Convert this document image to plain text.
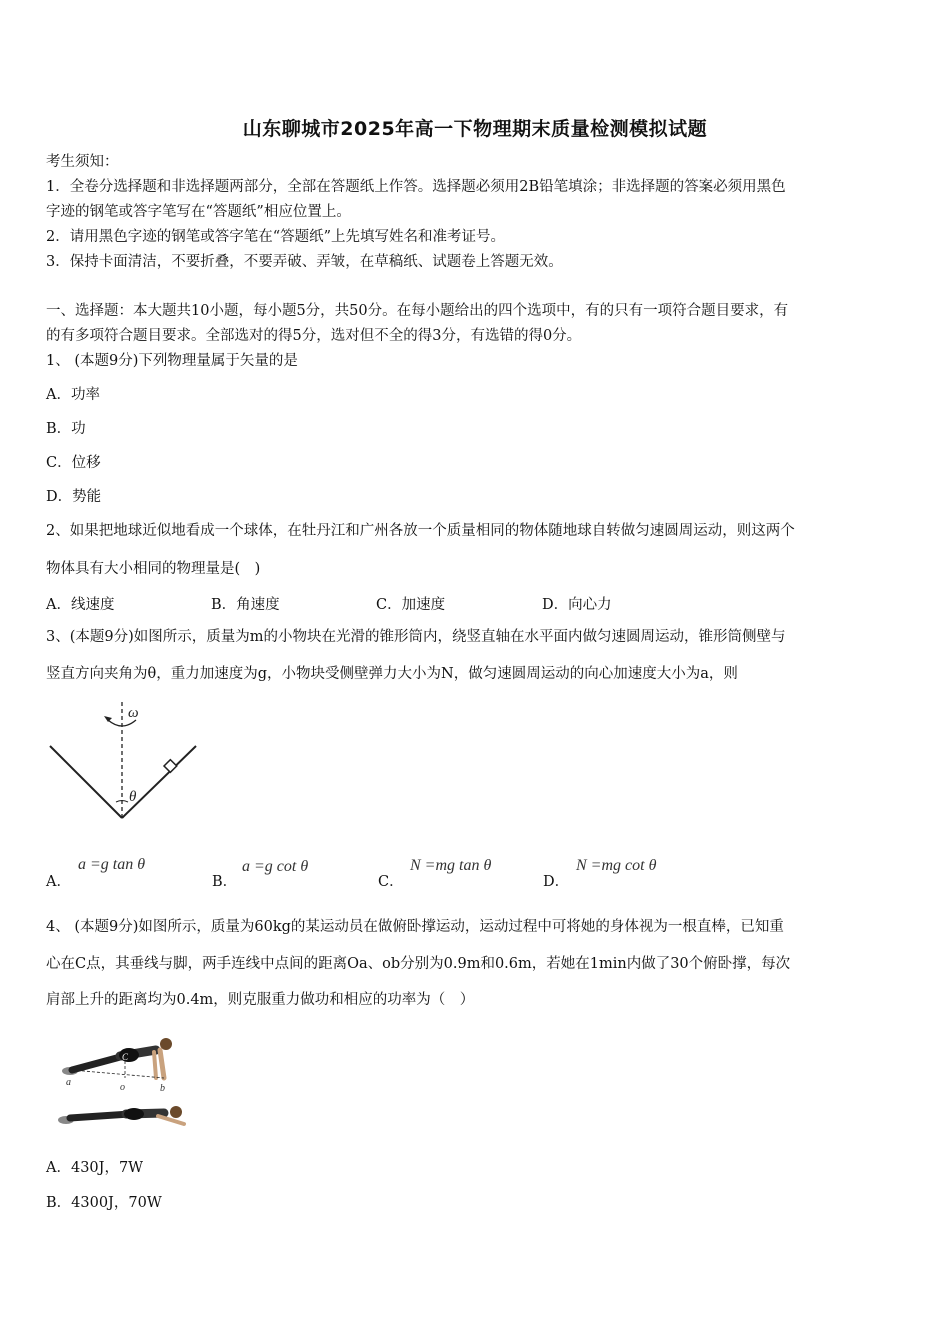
山东聊城市2025年高一下物理期末质量检测模拟试题
考生须知：
1．全卷分选择题和非选择题两部分，全部在答题纸上作答。选择题必须用2B铅笔填涂；非选择题的答案必须用黑色
字迹的钢笔或答字笔写在“答题纸”相应位置上。
2．请用黑色字迹的钢笔或答字笔在“答题纸”上先填写姓名和准考证号。
3．保持卡面清洁，不要折叠，不要弄破、弄皱，在草稿纸、试题卷上答题无效。
一、选择题：本大题共10小题，每小题5分，共50分。在每小题给出的四个选项中，有的只有一项符合题目要求，有
的有多项符合题目要求。全部选对的得5分，选对但不全的得3分，有选错的得0分。
1、 (本题9分)下列物理量属于矢量的是
A．功率
B．功
C．位移
D．势能
2、如果把地球近似地看成一个球体，在牡丹江和广州各放一个质量相同的物体随地球自转做匀速圆周运动，则这两个
物体具有大小相同的物理量是(　)
A．线速度	B．角速度	C．加速度	D．向心力
3、(本题9分)如图所示，质量为m的小物块在光滑的锥形筒内，绕竖直轴在水平面内做匀速圆周运动，锥形筒侧壁与
竖直方向夹角为θ，重力加速度为g，小物块受侧壁弹力大小为N，做匀速圆周运动的向心加速度大小为a，则
ω
θ
A．
a =g tan θ
B．
a =g cot θ
C．
N =mg tan θ
D．
N =mg cot θ
4、 (本题9分)如图所示，质量为60kg的某运动员在做俯卧撑运动，运动过程中可将她的身体视为一根直棒，已知重
心在C点，其垂线与脚，两手连线中点间的距离Oa、ob分别为0.9m和0.6m，若她在1min内做了30个俯卧撑，每次
肩部上升的距离均为0.4m，则克服重力做功和相应的功率为（　）
a	o	b
C
A．430J，7W
B．4300J，70W
